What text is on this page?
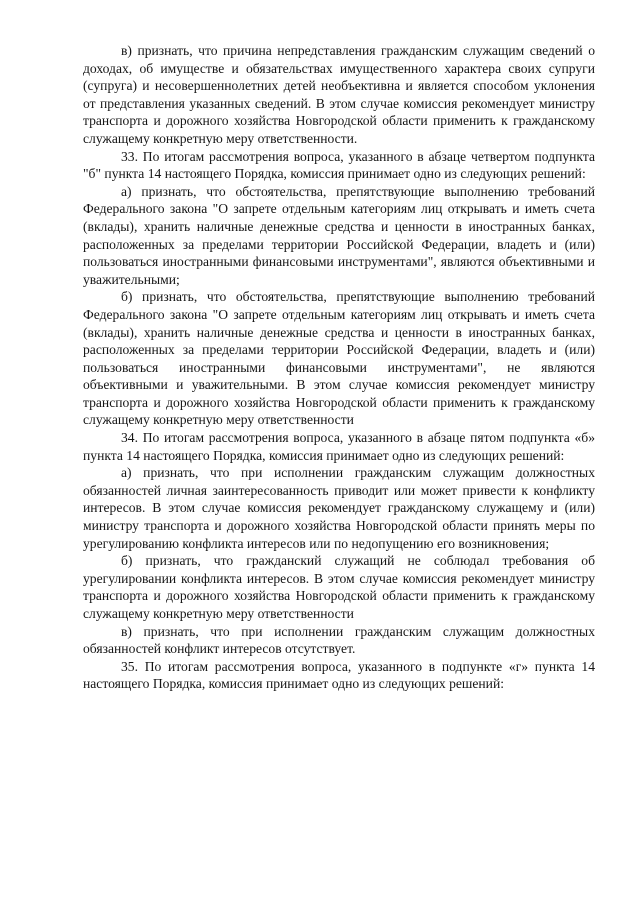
в) признать, что причина непредставления гражданским служащим сведений о доходах, об имуществе и обязательствах имущественного характера своих супруги (супруга) и несовершеннолетних детей необъективна и является способом уклонения от представления указанных сведений. В этом случае комиссия рекомендует министру транспорта и дорожного хозяйства Новгородской области применить к гражданскому служащему конкретную меру ответственности.

33. По итогам рассмотрения вопроса, указанного в абзаце четвертом подпункта "б" пункта 14 настоящего Порядка, комиссия принимает одно из следующих решений:

а) признать, что обстоятельства, препятствующие выполнению требований Федерального закона "О запрете отдельным категориям лиц открывать и иметь счета (вклады), хранить наличные денежные средства и ценности в иностранных банках, расположенных за пределами территории Российской Федерации, владеть и (или) пользоваться иностранными финансовыми инструментами", являются объективными и уважительными;

б) признать, что обстоятельства, препятствующие выполнению требований Федерального закона "О запрете отдельным категориям лиц открывать и иметь счета (вклады), хранить наличные денежные средства и ценности в иностранных банках, расположенных за пределами территории Российской Федерации, владеть и (или) пользоваться иностранными финансовыми инструментами", не являются объективными и уважительными. В этом случае комиссия рекомендует министру транспорта и дорожного хозяйства Новгородской области применить к гражданскому служащему конкретную меру ответственности

34. По итогам рассмотрения вопроса, указанного в абзаце пятом подпункта «б» пункта 14 настоящего Порядка, комиссия принимает одно из следующих решений:

а) признать, что при исполнении гражданским служащим должностных обязанностей личная заинтересованность приводит или может привести к конфликту интересов. В этом случае комиссия рекомендует гражданскому служащему и (или) министру транспорта и дорожного хозяйства Новгородской области принять меры по урегулированию конфликта интересов или по недопущению его возникновения;

б) признать, что гражданский служащий не соблюдал требования об урегулировании конфликта интересов. В этом случае комиссия рекомендует министру транспорта и дорожного хозяйства Новгородской области применить к гражданскому служащему конкретную меру ответственности

в) признать, что при исполнении гражданским служащим должностных обязанностей конфликт интересов отсутствует.

35. По итогам рассмотрения вопроса, указанного в подпункте «г» пункта 14 настоящего Порядка, комиссия принимает одно из следующих решений:
